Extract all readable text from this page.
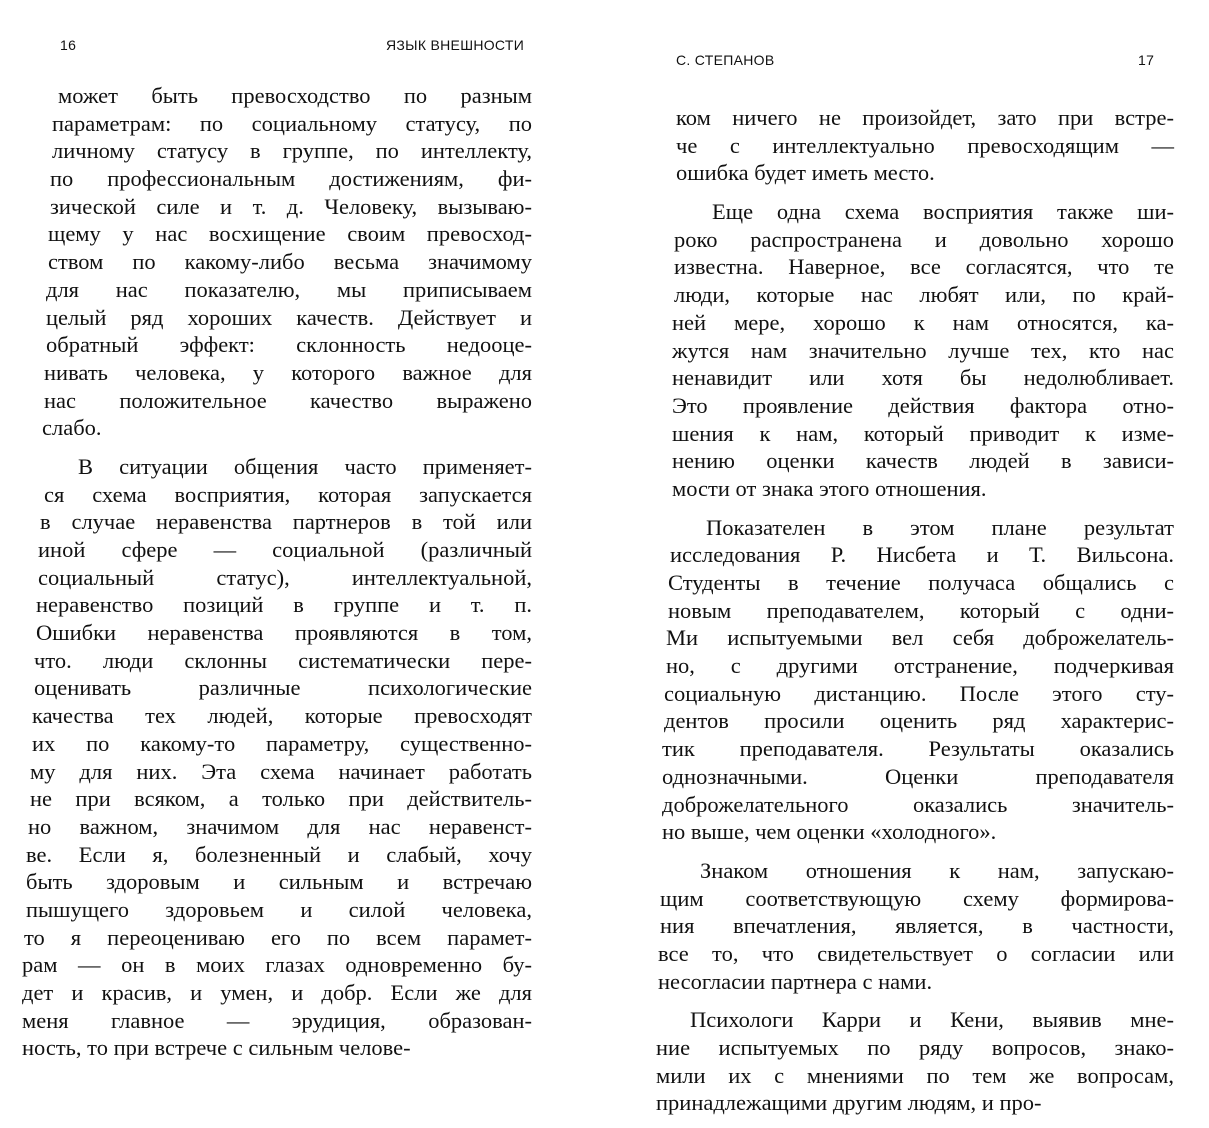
16	ЯЗЫК ВНЕШНОСТИ
может быть превосходство по разным
параметрам: по социальному статусу, по
личному статусу в группе, по интеллекту,
по профессиональным достижениям, фи-
зической силе и т. д. Человеку, вызываю-
щему у нас восхищение своим превосход-
ством по какому-либо весьма значимому
для нас показателю, мы приписываем
целый ряд хороших качеств. Действует и
обратный эффект: склонность недооце-
нивать человека, у которого важное для
нас положительное качество выражено
слабо.
В ситуации общения часто применяет-
ся схема восприятия, которая запускается
в случае неравенства партнеров в той или
иной сфере — социальной (различный
социальный статус), интеллектуальной,
неравенство позиций в группе и т. п.
Ошибки неравенства проявляются в том,
что. люди склонны систематически пере-
оценивать различные психологические
качества тех людей, которые превосходят
их по какому-то параметру, существенно-
му для них. Эта схема начинает работать
не при всяком, а только при действитель-
но важном, значимом для нас неравенст-
ве. Если я, болезненный и слабый, хочу
быть здоровым и сильным и встречаю
пышущего здоровьем и силой человека,
то я переоцениваю его по всем парамет-
рам — он в моих глазах одновременно бу-
дет и красив, и умен, и добр. Если же для
меня главное — эрудиция, образован-
ность, то при встрече с сильным челове-
С. СТЕПАНОВ	17
ком ничего не произойдет, зато при встре-
че с интеллектуально превосходящим —
ошибка будет иметь место.
Еще одна схема восприятия также ши-
роко распространена и довольно хорошо
известна. Наверное, все согласятся, что те
люди, которые нас любят или, по край-
ней мере, хорошо к нам относятся, ка-
жутся нам значительно лучше тех, кто нас
ненавидит или хотя бы недолюбливает.
Это проявление действия фактора отно-
шения к нам, который приводит к изме-
нению оценки качеств людей в зависи-
мости от знака этого отношения.
Показателен в этом плане результат
исследования Р. Нисбета и Т. Вильсона.
Студенты в течение получаса общались с
новым преподавателем, который с одни-
Ми испытуемыми вел себя доброжелатель-
но, с другими отстранение, подчеркивая
социальную дистанцию. После этого сту-
дентов просили оценить ряд характерис-
тик преподавателя. Результаты оказались
однозначными. Оценки преподавателя
доброжелательного оказались значитель-
но выше, чем оценки «холодного».
Знаком отношения к нам, запускаю-
щим соответствующую схему формирова-
ния впечатления, является, в частности,
все то, что свидетельствует о согласии или
несогласии партнера с нами.
Психологи Карри и Кени, выявив мне-
ние испытуемых по ряду вопросов, знако-
мили их с мнениями по тем же вопросам,
принадлежащими другим людям, и про-
